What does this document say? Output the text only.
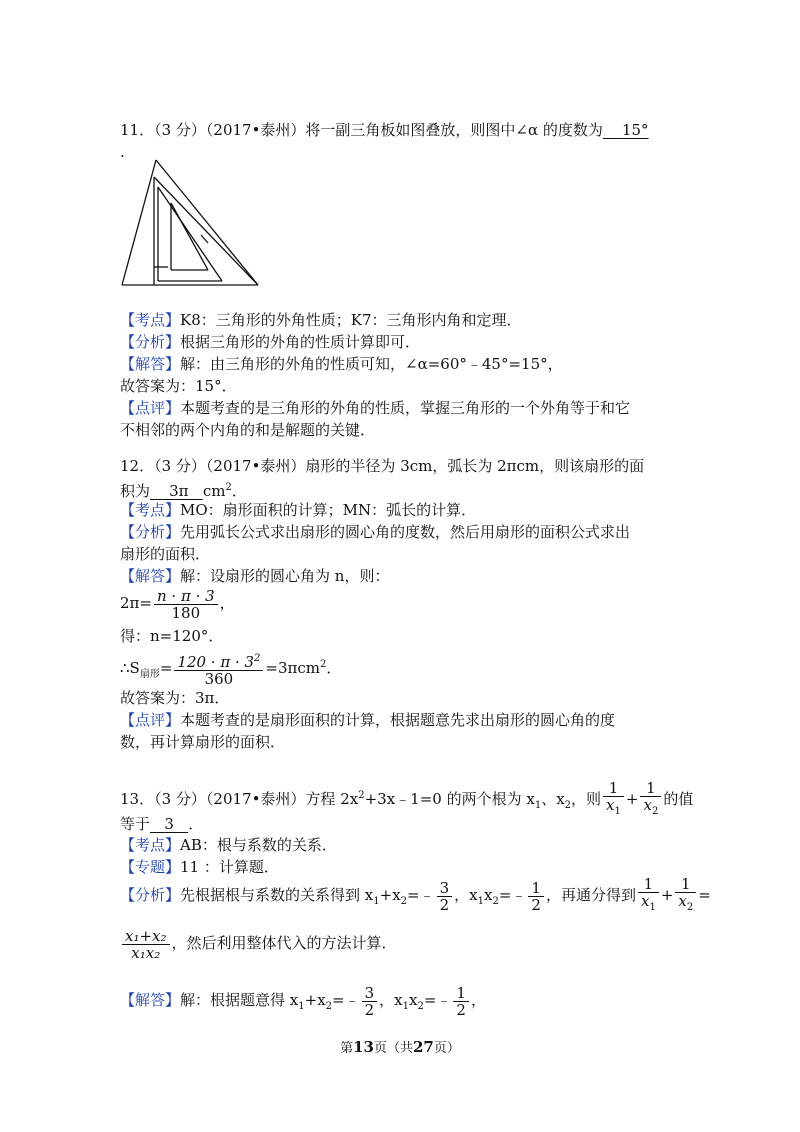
11．（3 分）（2017•泰州）将一副三角板如图叠放，则图中∠α 的度数为 15°
.
【考点】K8：三角形的外角性质；K7：三角形内角和定理．
【分析】根据三角形的外角的性质计算即可．
【解答】解：由三角形的外角的性质可知，∠α=60°﹣45°=15°，
故答案为：15°．
【点评】本题考查的是三角形的外角的性质，掌握三角形的一个外角等于和它
不相邻的两个内角的和是解题的关键．
12．（3 分）（2017•泰州）扇形的半径为 3cm，弧长为 2πcm，则该扇形的面
积为 3π $cm^2$．
【考点】MO：扇形面积的计算；MN：弧长的计算．
【分析】先用弧长公式求出扇形的圆心角的度数，然后用扇形的面积公式求出
扇形的面积．
【解答】解：设扇形的圆心角为 n，则：
$2\pi= \frac{n \cdot \pi \cdot 3}{180}$ ，
得：n=120°．
$\therefore S_{扇形}= \frac{120 \cdot \pi \cdot 3^2}{360} =3\pi cm^2$．
故答案为：3π．
【点评】本题考查的是扇形面积的计算，根据题意先求出扇形的圆心角的度
数，再计算扇形的面积．
13．（3 分）（2017•泰州）方程 $2x^2+3x﹣1=0$ 的两个根为 $x_1$、$x_2$，则 $\frac{1}{x_1} + \frac{1}{x_2}$ 的值
等于 3 ．
【考点】AB：根与系数的关系．
【专题】11 ：计算题．
【分析】先根据根与系数的关系得到 $x_1+x_2=﹣ \frac{3}{2}$ ，$x_1x_2=﹣ \frac{1}{2}$ ，再通分得到 $\frac{1}{x_1} + \frac{1}{x_2}$ =
$\frac{\text{x₁+x₂}}{\text{x₁x₂}}$ ，然后利用整体代入的方法计算．
【解答】解：根据题意得 $x_1+x_2=﹣ \frac{3}{2}$ ，$x_1x_2=﹣ \frac{1}{2}$ ，
第13页（共27页）
